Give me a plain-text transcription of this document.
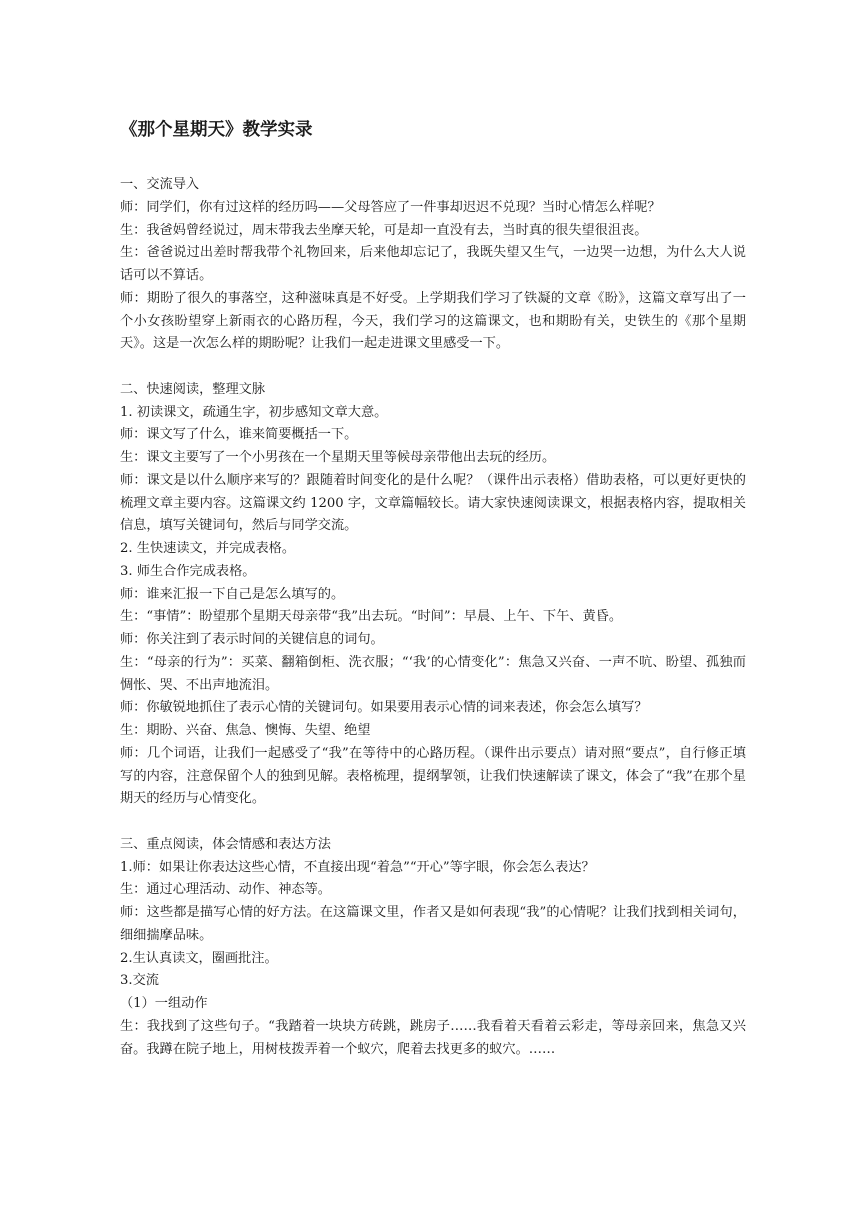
《那个星期天》教学实录

一、交流导入

师：同学们，你有过这样的经历吗——父母答应了一件事却迟迟不兑现？当时心情怎么样呢？

生：我爸妈曾经说过，周末带我去坐摩天轮，可是却一直没有去，当时真的很失望很沮丧。

生：爸爸说过出差时帮我带个礼物回来，后来他却忘记了，我既失望又生气，一边哭一边想，为什么大人说话可以不算话。

师：期盼了很久的事落空，这种滋味真是不好受。上学期我们学习了铁凝的文章《盼》，这篇文章写出了一个小女孩盼望穿上新雨衣的心路历程，今天，我们学习的这篇课文，也和期盼有关，史铁生的《那个星期天》。这是一次怎么样的期盼呢？让我们一起走进课文里感受一下。

二、快速阅读，整理文脉

1. 初读课文，疏通生字，初步感知文章大意。

师：课文写了什么，谁来简要概括一下。

生：课文主要写了一个小男孩在一个星期天里等候母亲带他出去玩的经历。

师：课文是以什么顺序来写的？跟随着时间变化的是什么呢？（课件出示表格）借助表格，可以更好更快的梳理文章主要内容。这篇课文约 1200 字，文章篇幅较长。请大家快速阅读课文，根据表格内容，提取相关信息，填写关键词句，然后与同学交流。

2. 生快速读文，并完成表格。

3. 师生合作完成表格。

师：谁来汇报一下自己是怎么填写的。

生：“事情”：盼望那个星期天母亲带“我”出去玩。“时间”：早晨、上午、下午、黄昏。

师：你关注到了表示时间的关键信息的词句。

生：“母亲的行为”：买菜、翻箱倒柜、洗衣服；“‘我’的心情变化”：焦急又兴奋、一声不吭、盼望、孤独而惆怅、哭、不出声地流泪。

师：你敏锐地抓住了表示心情的关键词句。如果要用表示心情的词来表述，你会怎么填写？

生：期盼、兴奋、焦急、懊悔、失望、绝望

师：几个词语，让我们一起感受了“我”在等待中的心路历程。（课件出示要点）请对照“要点”，自行修正填写的内容，注意保留个人的独到见解。表格梳理，提纲挈领，让我们快速解读了课文，体会了“我”在那个星期天的经历与心情变化。

三、重点阅读，体会情感和表达方法

1.师：如果让你表达这些心情，不直接出现“着急”“开心”等字眼，你会怎么表达？

生：通过心理活动、动作、神态等。

师：这些都是描写心情的好方法。在这篇课文里，作者又是如何表现“我”的心情呢？让我们找到相关词句，细细揣摩品味。

2.生认真读文，圈画批注。

3.交流

（1）一组动作

生：我找到了这些句子。“我踏着一块块方砖跳，跳房子……我看着天看着云彩走，等母亲回来，焦急又兴奋。我蹲在院子地上，用树枝拨弄着一个蚁穴，爬着去找更多的蚁穴。……
